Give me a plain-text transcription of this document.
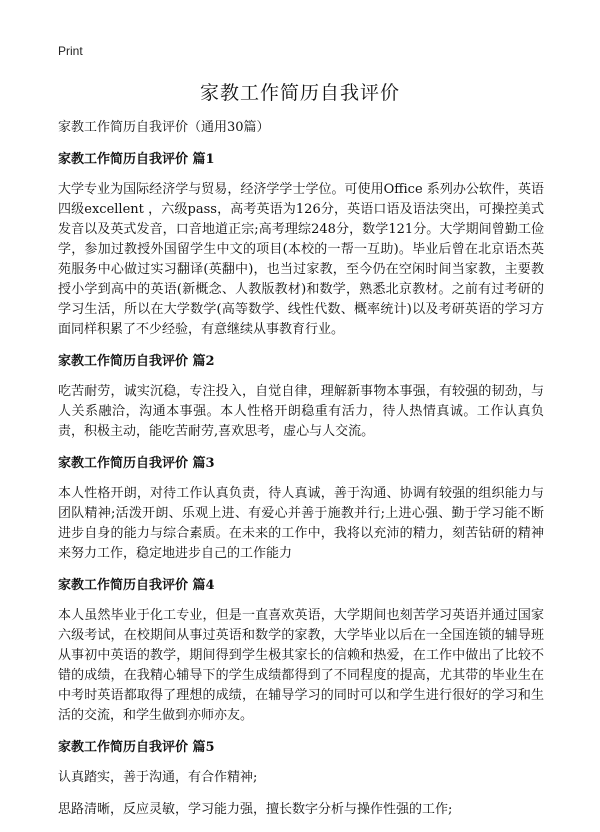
Print
家教工作简历自我评价

家教工作简历自我评价（通用30篇）

家教工作简历自我评价 篇1

大学专业为国际经济学与贸易，经济学学士学位。可使用Office 系列办公软件，英语四级excellent ，六级pass，高考英语为126分，英语口语及语法突出，可操控美式发音以及英式发音，口音地道正宗;高考理综248分，数学121分。大学期间曾勤工俭学，参加过教授外国留学生中文的项目(本校的一帮一互助)。毕业后曾在北京语杰英苑服务中心做过实习翻译(英翻中)，也当过家教，至今仍在空闲时间当家教，主要教授小学到高中的英语(新概念、人教版教材)和数学，熟悉北京教材。之前有过考研的学习生活，所以在大学数学(高等数学、线性代数、概率统计)以及考研英语的学习方面同样积累了不少经验，有意继续从事教育行业。

家教工作简历自我评价 篇2

吃苦耐劳，诚实沉稳，专注投入，自觉自律，理解新事物本事强，有较强的韧劲，与人关系融洽，沟通本事强。本人性格开朗稳重有活力，待人热情真诚。工作认真负责，积极主动，能吃苦耐劳,喜欢思考，虚心与人交流。

家教工作简历自我评价 篇3

本人性格开朗，对待工作认真负责，待人真诚，善于沟通、协调有较强的组织能力与团队精神;活泼开朗、乐观上进、有爱心并善于施教并行;上进心强、勤于学习能不断进步自身的能力与综合素质。在未来的工作中，我将以充沛的精力，刻苦钻研的精神来努力工作，稳定地进步自己的工作能力

家教工作简历自我评价 篇4

本人虽然毕业于化工专业，但是一直喜欢英语，大学期间也刻苦学习英语并通过国家六级考试，在校期间从事过英语和数学的家教，大学毕业以后在一全国连锁的辅导班从事初中英语的教学，期间得到学生极其家长的信赖和热爱，在工作中做出了比较不错的成绩，在我精心辅导下的学生成绩都得到了不同程度的提高，尤其带的毕业生在中考时英语都取得了理想的成绩，在辅导学习的同时可以和学生进行很好的学习和生活的交流，和学生做到亦师亦友。

家教工作简历自我评价 篇5

认真踏实，善于沟通，有合作精神;

思路清晰，反应灵敏，学习能力强，擅长数字分析与操作性强的工作;
